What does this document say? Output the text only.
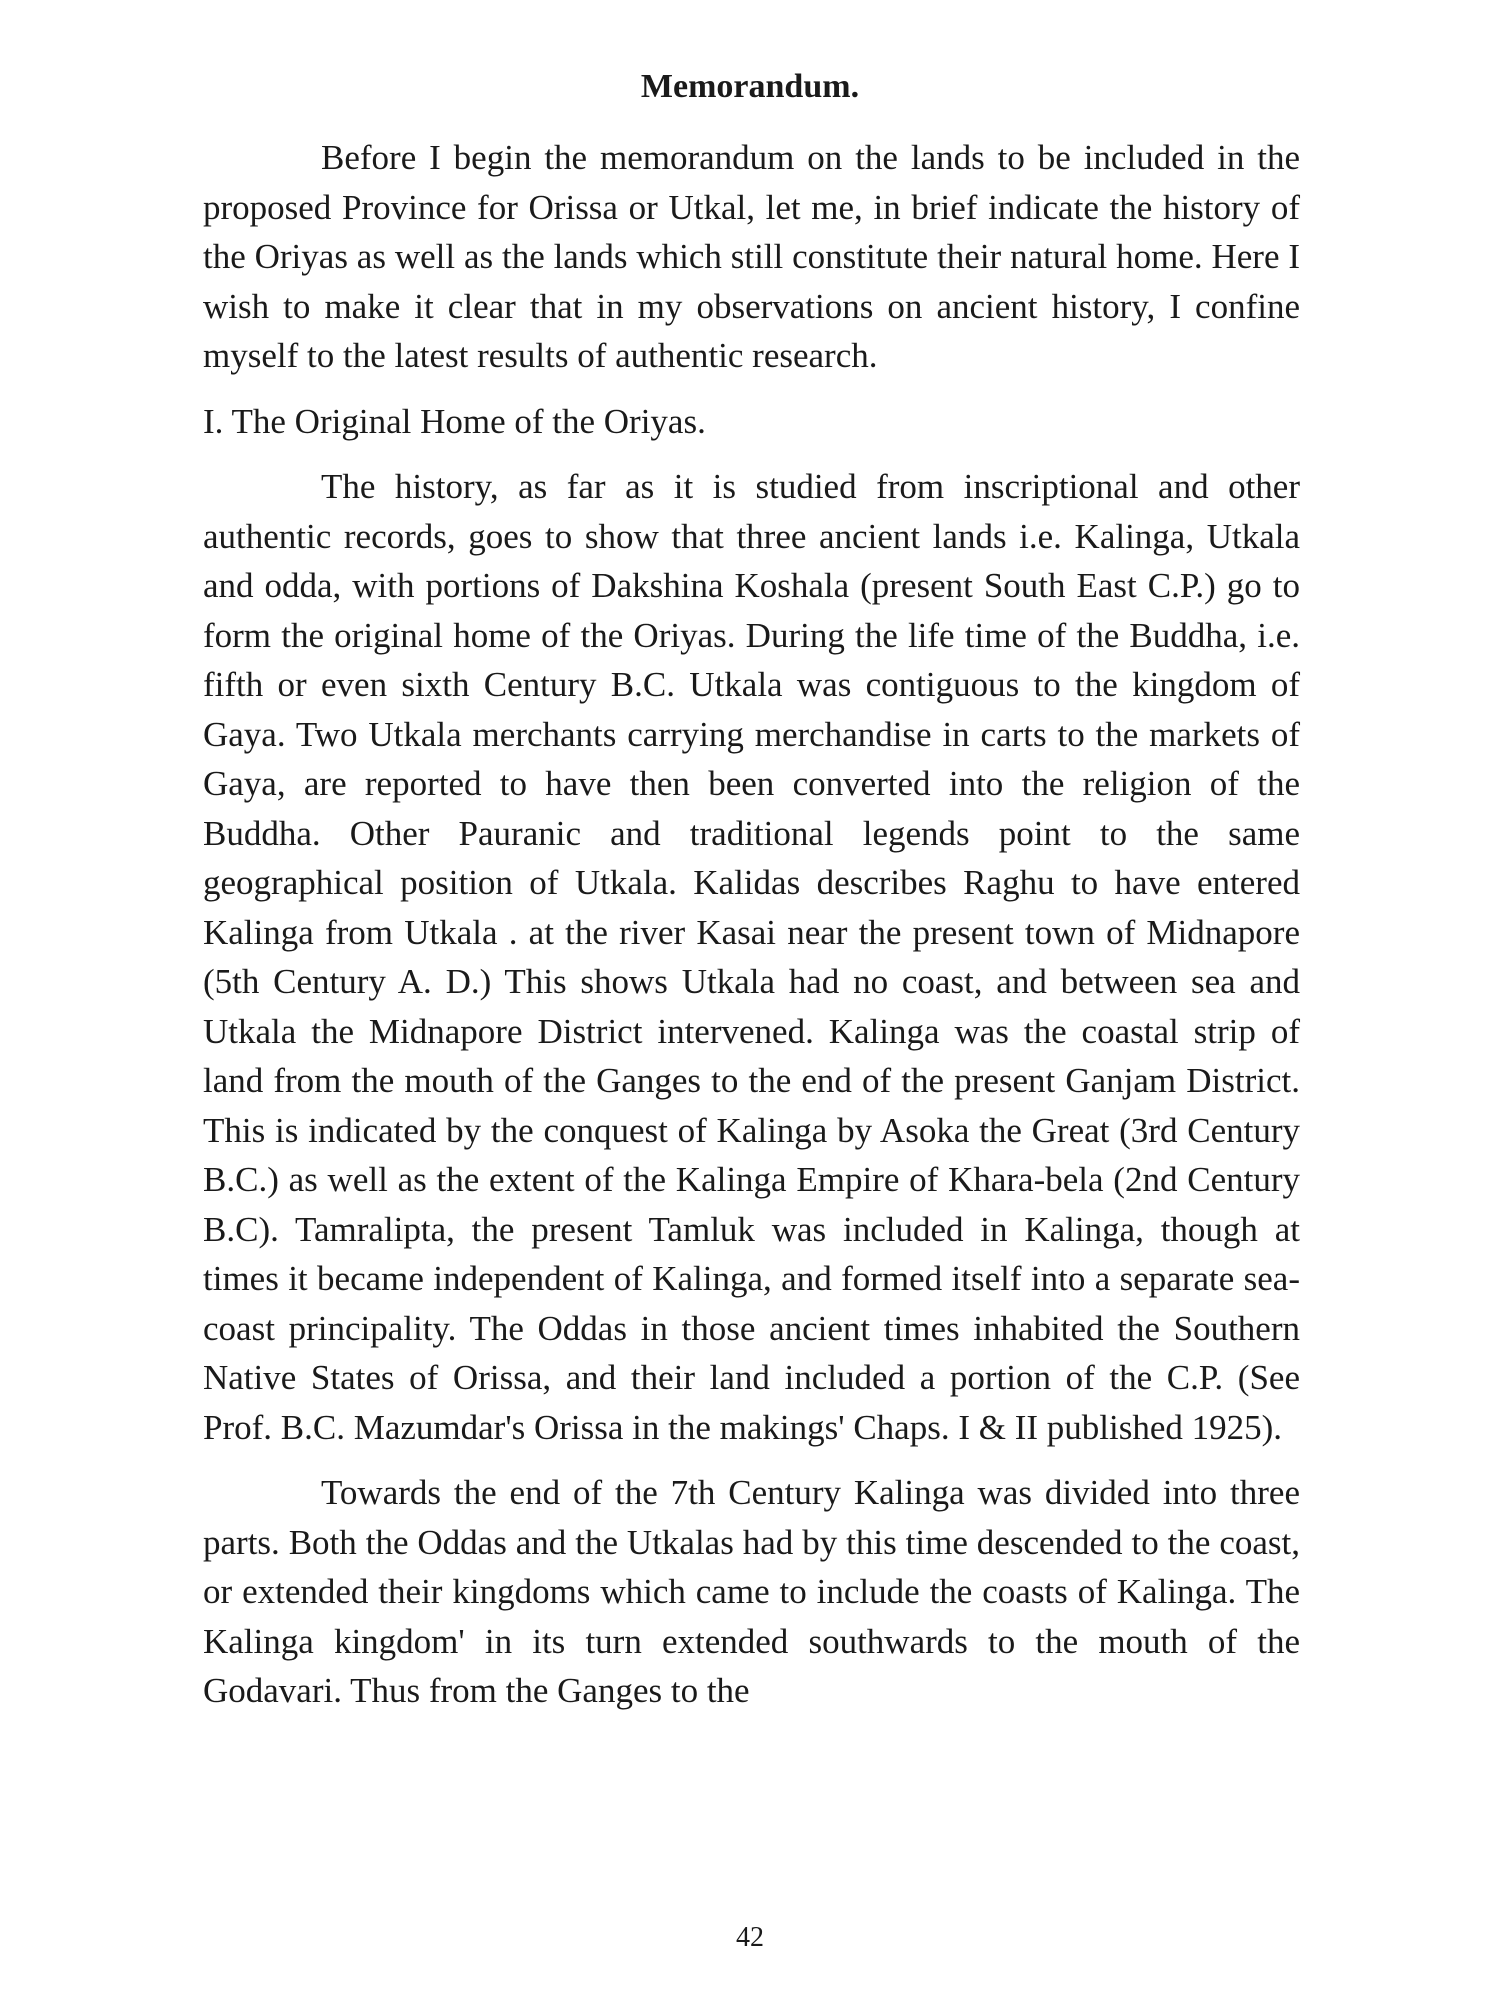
Memorandum.

Before I begin the memorandum on the lands to be included in the proposed Province for Orissa or Utkal, let me, in brief indicate the history of the Oriyas as well as the lands which still constitute their natural home. Here I wish to make it clear that in my observations on ancient history, I confine myself to the latest results of authentic research.

I. The Original Home of the Oriyas.

The history, as far as it is studied from inscriptional and other authentic records, goes to show that three ancient lands i.e. Kalinga, Utkala and odda, with portions of Dakshina Koshala (present South East C.P.) go to form the original home of the Oriyas. During the life time of the Buddha, i.e. fifth or even sixth Century B.C. Utkala was contiguous to the kingdom of Gaya. Two Utkala merchants carrying merchandise in carts to the markets of Gaya, are reported to have then been converted into the religion of the Buddha. Other Pauranic and traditional legends point to the same geographical position of Utkala. Kalidas describes Raghu to have entered Kalinga from Utkala . at the river Kasai near the present town of Midnapore (5th Century A. D.) This shows Utkala had no coast, and between sea and Utkala the Midnapore District intervened. Kalinga was the coastal strip of land from the mouth of the Ganges to the end of the present Ganjam District. This is indicated by the conquest of Kalinga by Asoka the Great (3rd Century B.C.) as well as the extent of the Kalinga Empire of Khara-bela (2nd Century B.C). Tamralipta, the present Tamluk was included in Kalinga, though at times it became independent of Kalinga, and formed itself into a separate sea-coast principality. The Oddas in those ancient times inhabited the Southern Native States of Orissa, and their land included a portion of the C.P. (See Prof. B.C. Mazumdar's Orissa in the makings' Chaps. I & II published 1925).

Towards the end of the 7th Century Kalinga was divided into three parts. Both the Oddas and the Utkalas had by this time descended to the coast, or extended their kingdoms which came to include the coasts of Kalinga. The Kalinga kingdom' in its turn extended southwards to the mouth of the Godavari. Thus from the Ganges to the

42
